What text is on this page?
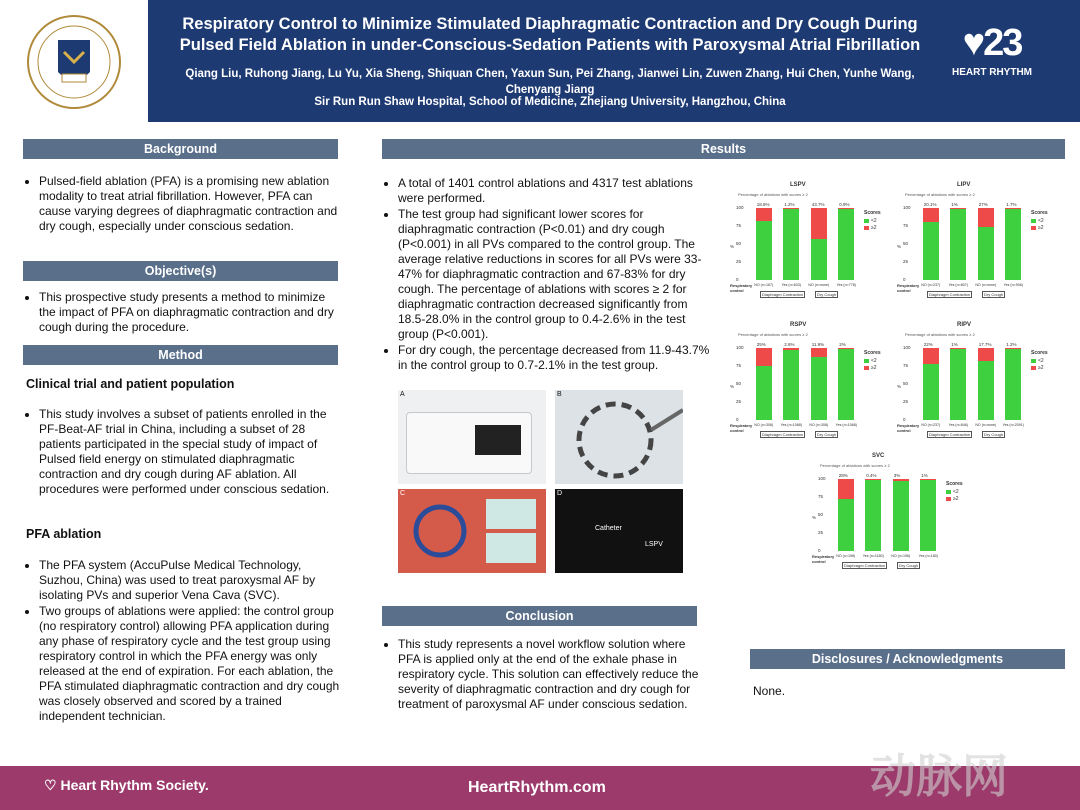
Respiratory Control to Minimize Stimulated Diaphragmatic Contraction and Dry Cough During Pulsed Field Ablation in under-Conscious-Sedation Patients with Paroxysmal Atrial Fibrillation
Qiang Liu, Ruhong Jiang, Lu Yu, Xia Sheng, Shiquan Chen, Yaxun Sun, Pei Zhang, Jianwei Lin, Zuwen Zhang, Hui Chen, Yunhe Wang, Chenyang Jiang
Sir Run Run Shaw Hospital, School of Medicine, Zhejiang University, Hangzhou, China
♥23
HEART RHYTHM
Background
• Pulsed-field ablation (PFA) is a promising new ablation modality to treat atrial fibrillation. However, PFA can cause varying degrees of diaphragmatic contraction and dry cough, especially under conscious sedation.
Objective(s)
• This prospective study presents a method to minimize the impact of PFA on diaphragmatic contraction and dry cough during the procedure.
Method
Clinical trial and patient population
• This study involves a subset of patients enrolled in the PF-Beat-AF trial in China, including a subset of 28 patients participated in the special study of impact of Pulsed field energy on stimulated diaphragmatic contraction and dry cough during AF ablation. All procedures were performed under conscious sedation.
PFA ablation
• The PFA system (AccuPulse Medical Technology, Suzhou, China) was used to treat paroxysmal AF by isolating PVs and superior Vena Cava (SVC).
• Two groups of ablations were applied: the control group (no respiratory control) allowing PFA application during any phase of respiratory cycle and the test group using respiratory control in which the PFA energy was only released at the end of expiration. For each ablation, the PFA stimulated diaphragmatic contraction and dry cough was closely observed and scored by a trained independent technician.
Results
• A total of 1401 control ablations and 4317 test ablations were performed.
• The test group had significant lower scores for diaphragmatic contraction (P<0.01) and dry cough (P<0.001) in all PVs compared to the control group. The average relative reductions in scores for all PVs were 33-47% for diaphragmatic contraction and 67-83% for dry cough. The percentage of ablations with scores ≥ 2 for diaphragmatic contraction decreased significantly from 18.5-28.0% in the control group to 0.4-2.6% in the test group (P<0.001).
• For dry cough, the percentage decreased from 11.9-43.7% in the control group to 0.7-2.1% in the test group.
A	B
C	D
Catheter
LSPV
Conclusion
• This study represents a novel workflow solution where PFA is applied only at the end of the exhale phase in respiratory cycle. This solution can effectively reduce the severity of diaphragmatic contraction and dry cough for treatment of paroxysmal AF under conscious sedation.
Disclosures / Acknowledgments
None.
LSPV
Percentage of ablations with scores ≥ 2
0
25
50
75
100
%
18.6%
NO (n=167)
1.2%
Yes (n=633)
43.7%
NO (n=none)
0.9%
Yes (n=778)
Diaphragm Contraction	Dry Cough
Respiratory control
Scores
<2
≥2
LIPV
Percentage of ablations with scores ≥ 2
0
25
50
75
100
%
20.1%
NO (n=237)
1%
Yes (n=807)
27%
NO (n=none)
1.7%
Yes (n=906)
Diaphragm Contraction	Dry Cough
Respiratory control
Scores
<2
≥2
RSPV
Percentage of ablations with scores ≥ 2
0
25
50
75
100
%
25%
NO (n=308)
2.6%
Yes (n=1068)
11.9%
NO (n=308)
2%
Yes (n=1068)
Diaphragm Contraction	Dry Cough
Respiratory control
Scores
<2
≥2
RIPV
Percentage of ablations with scores ≥ 2
0
25
50
75
100
%
22%
NO (n=237)
1%
Yes (n=846)
17.7%
NO (n=none)
1.2%
Yes (n=2091)
Diaphragm Contraction	Dry Cough
Respiratory control
Scores
<2
≥2
SVC
Percentage of ablations with scores ≥ 2
0
25
50
75
100
%
28%
NO (n=196)
0.4%
Yes (n=1180)
3%
NO (n=196)
1%
Yes (n=180)
Diaphragm Contraction	Dry Cough
Respiratory control
Scores
<2
≥2
♡ Heart Rhythm Society.	HeartRhythm.com	动脉网
